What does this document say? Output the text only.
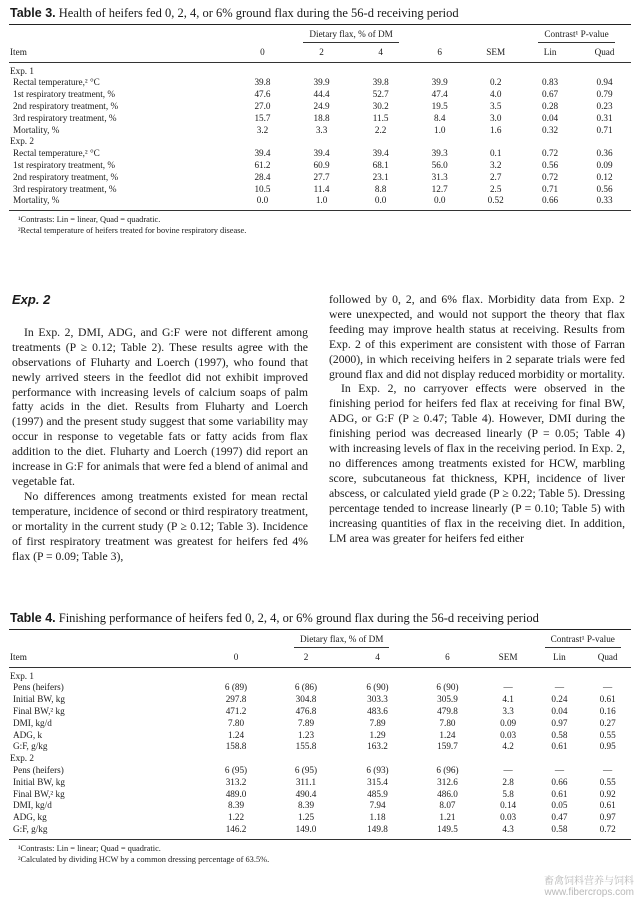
Table 3. Health of heifers fed 0, 2, 4, or 6% ground flax during the 56-d receiving period
	Dietary flax, % of DM					Contrast¹ P-value	
Item	0	2	4	6	SEM	Lin	Quad
Exp. 1							
Rectal temperature,² °C	39.8	39.9	39.8	39.9	0.2	0.83	0.94
1st respiratory treatment, %	47.6	44.4	52.7	47.4	4.0	0.67	0.79
2nd respiratory treatment, %	27.0	24.9	30.2	19.5	3.5	0.28	0.23
3rd respiratory treatment, %	15.7	18.8	11.5	8.4	3.0	0.04	0.31
Mortality, %	3.2	3.3	2.2	1.0	1.6	0.32	0.71
Exp. 2							
Rectal temperature,² °C	39.4	39.4	39.4	39.3	0.1	0.72	0.36
1st respiratory treatment, %	61.2	60.9	68.1	56.0	3.2	0.56	0.09
2nd respiratory treatment, %	28.4	27.7	23.1	31.3	2.7	0.72	0.12
3rd respiratory treatment, %	10.5	11.4	8.8	12.7	2.5	0.71	0.56
Mortality, %	0.0	1.0	0.0	0.0	0.52	0.66	0.33
¹Contrasts: Lin = linear, Quad = quadratic.
²Rectal temperature of heifers treated for bovine respiratory disease.
Exp. 2

In Exp. 2, DMI, ADG, and G:F were not different among treatments (P ≥ 0.12; Table 2). These results agree with the observations of Fluharty and Loerch (1997), who found that newly arrived steers in the feedlot did not exhibit improved performance with increasing levels of calcium soaps of palm fatty acids in the diet. Results from Fluharty and Loerch (1997) and the present study suggest that some variability may occur in response to vegetable fats or fatty acids from flax addition to the diet. Fluharty and Loerch (1997) did report an increase in G:F for animals that were fed a blend of animal and vegetable fat.

No differences among treatments existed for mean rectal temperature, incidence of second or third respiratory treatment, or mortality in the current study (P ≥ 0.12; Table 3). Incidence of first respiratory treatment was greatest for heifers fed 4% flax (P = 0.09; Table 3),

followed by 0, 2, and 6% flax. Morbidity data from Exp. 2 were unexpected, and would not support the theory that flax feeding may improve health status at receiving. Results from Exp. 2 of this experiment are consistent with those of Farran (2000), in which receiving heifers in 2 separate trials were fed ground flax and did not display reduced morbidity or mortality.

In Exp. 2, no carryover effects were observed in the finishing period for heifers fed flax at receiving for final BW, ADG, or G:F (P ≥ 0.47; Table 4). However, DMI during the finishing period was decreased linearly (P = 0.05; Table 4) with increasing levels of flax in the receiving period. In Exp. 2, no differences among treatments existed for HCW, marbling score, subcutaneous fat thickness, KPH, incidence of liver abscess, or calculated yield grade (P ≥ 0.22; Table 5). Dressing percentage tended to increase linearly (P = 0.10; Table 5) with increasing quantities of flax in the receiving diet. In addition, LM area was greater for heifers fed either

Table 4. Finishing performance of heifers fed 0, 2, 4, or 6% ground flax during the 56-d receiving period
	Dietary flax, % of DM					Contrast¹ P-value	
Item	0	2	4	6	SEM	Lin	Quad
Exp. 1							
Pens (heifers)	6 (89)	6 (86)	6 (90)	6 (90)	—	—	—
Initial BW, kg	297.8	304.8	303.3	305.9	4.1	0.24	0.61
Final BW,² kg	471.2	476.8	483.6	479.8	3.3	0.04	0.16
DMI, kg/d	7.80	7.89	7.89	7.80	0.09	0.97	0.27
ADG, k	1.24	1.23	1.29	1.24	0.03	0.58	0.55
G:F, g/kg	158.8	155.8	163.2	159.7	4.2	0.61	0.95
Exp. 2							
Pens (heifers)	6 (95)	6 (95)	6 (93)	6 (96)	—	—	—
Initial BW, kg	313.2	311.1	315.4	312.6	2.8	0.66	0.55
Final BW,² kg	489.0	490.4	485.9	486.0	5.8	0.61	0.92
DMI, kg/d	8.39	8.39	7.94	8.07	0.14	0.05	0.61
ADG, kg	1.22	1.25	1.18	1.21	0.03	0.47	0.97
G:F, g/kg	146.2	149.0	149.8	149.5	4.3	0.58	0.72
¹Contrasts: Lin = linear; Quad = quadratic.
²Calculated by dividing HCW by a common dressing percentage of 63.5%.
畜禽饲料营养与饲料
www.fibercrops.com
